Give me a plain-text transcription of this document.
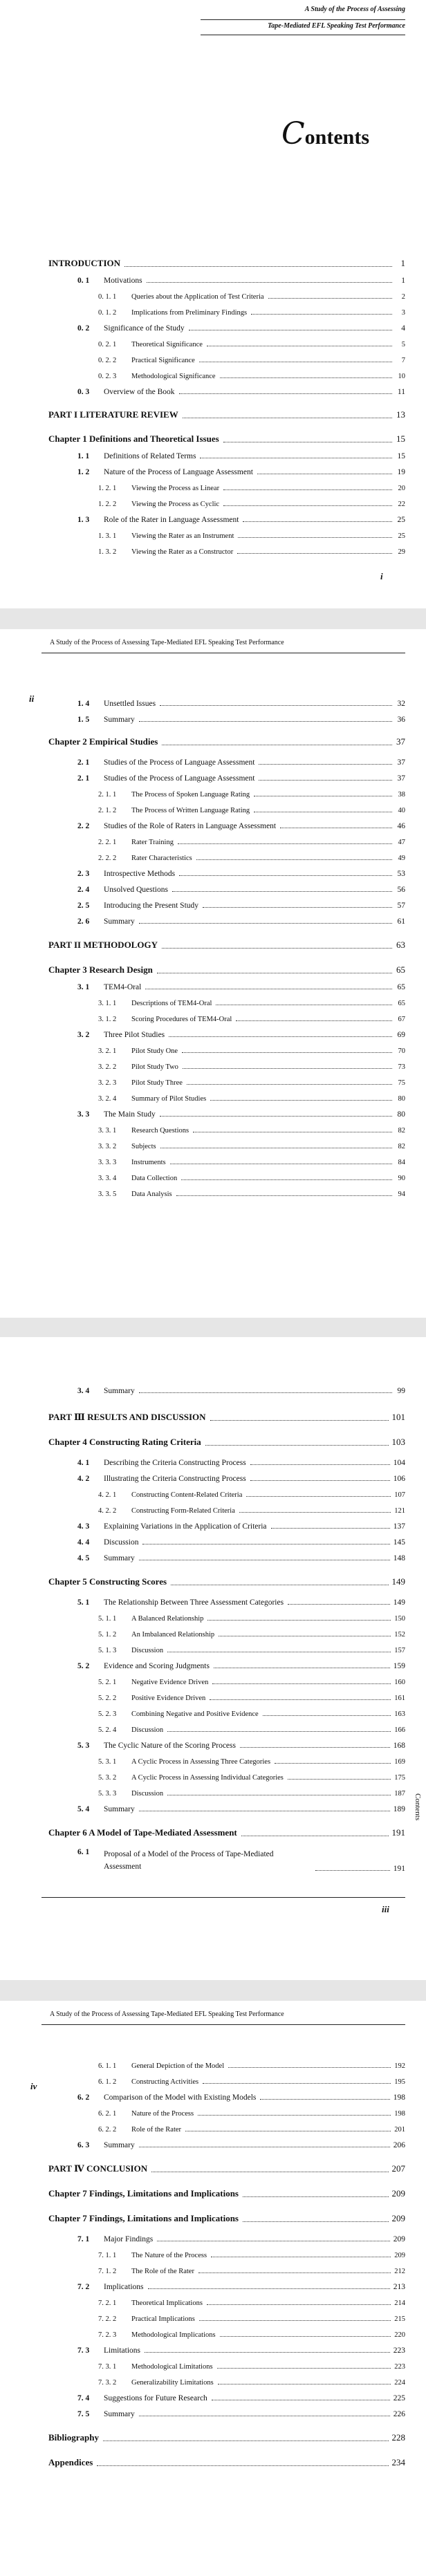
A Study of the Process of Assessing
Tape-Mediated EFL Speaking Test Performance
Contents
INTRODUCTION	1
0. 1	Motivations	1
0. 1. 1	Queries about the Application of Test Criteria	2
0. 1. 2	Implications from Preliminary Findings	3
0. 2	Significance of the Study	4
0. 2. 1	Theoretical Significance	5
0. 2. 2	Practical Significance	7
0. 2. 3	Methodological Significance	10
0. 3	Overview of the Book	11
PART I LITERATURE REVIEW	13
Chapter 1 Definitions and Theoretical Issues	15
1. 1	Definitions of Related Terms	15
1. 2	Nature of the Process of Language Assessment	19
1. 2. 1	Viewing the Process as Linear	20
1. 2. 2	Viewing the Process as Cyclic	22
1. 3	Role of the Rater in Language Assessment	25
1. 3. 1	Viewing the Rater as an Instrument	25
1. 3. 2	Viewing the Rater as a Constructor	29
i
A Study of the Process of Assessing Tape-Mediated EFL Speaking Test Performance
ii	1. 4	Unsettled Issues	32
1. 5	Summary	36
Chapter 2 Empirical Studies	37
2. 1	Studies of the Process of Language Assessment	37
2. 1	Studies of the Process of Language Assessment	37
2. 1. 1	The Process of Spoken Language Rating	38
2. 1. 2	The Process of Written Language Rating	40
2. 2	Studies of the Role of Raters in Language Assessment	46
2. 2. 1	Rater Training	47
2. 2. 2	Rater Characteristics	49
2. 3	Introspective Methods	53
2. 4	Unsolved Questions	56
2. 5	Introducing the Present Study	57
2. 6	Summary	61
PART II METHODOLOGY	63
Chapter 3 Research Design	65
3. 1	TEM4-Oral	65
3. 1. 1	Descriptions of TEM4-Oral	65
3. 1. 2	Scoring Procedures of TEM4-Oral	67
3. 2	Three Pilot Studies	69
3. 2. 1	Pilot Study One	70
3. 2. 2	Pilot Study Two	73
3. 2. 3	Pilot Study Three	75
3. 2. 4	Summary of Pilot Studies	80
3. 3	The Main Study	80
3. 3. 1	Research Questions	82
3. 3. 2	Subjects	82
3. 3. 3	Instruments	84
3. 3. 4	Data Collection	90
3. 3. 5	Data Analysis	94
3. 4	Summary	99
PART Ⅲ RESULTS AND DISCUSSION	101
Chapter 4 Constructing Rating Criteria	103
4. 1	Describing the Criteria Constructing Process	104
4. 2	Illustrating the Criteria Constructing Process	106
4. 2. 1	Constructing Content-Related Criteria	107
4. 2. 2	Constructing Form-Related Criteria	121
4. 3	Explaining Variations in the Application of Criteria	137
4. 4	Discussion	145
4. 5	Summary	148
Chapter 5 Constructing Scores	149
5. 1	The Relationship Between Three Assessment Categories	149
5. 1. 1	A Balanced Relationship	150
5. 1. 2	An Imbalanced Relationship	152
5. 1. 3	Discussion	157
5. 2	Evidence and Scoring Judgments	159
5. 2. 1	Negative Evidence Driven	160
5. 2. 2	Positive Evidence Driven	161
5. 2. 3	Combining Negative and Positive Evidence	163
5. 2. 4	Discussion	166
5. 3	The Cyclic Nature of the Scoring Process	168
5. 3. 1	A Cyclic Process in Assessing Three Categories	169
5. 3. 2	A Cyclic Process in Assessing Individual Categories	175
5. 3. 3	Discussion	187
5. 4	Summary	189
Chapter 6 A Model of Tape-Mediated Assessment	191
6. 1	Proposal of a Model of the Process of Tape-Mediated Assessment	191
iii
Contents
A Study of the Process of Assessing Tape-Mediated EFL Speaking Test Performance
iv
6. 1. 1	General Depiction of the Model	192
6. 1. 2	Constructing Activities	195
6. 2	Comparison of the Model with Existing Models	198
6. 2. 1	Nature of the Process	198
6. 2. 2	Role of the Rater	201
6. 3	Summary	206
PART Ⅳ CONCLUSION	207
Chapter 7 Findings, Limitations and Implications	209
Chapter 7 Findings, Limitations and Implications	209
7. 1	Major Findings	209
7. 1. 1	The Nature of the Process	209
7. 1. 2	The Role of the Rater	212
7. 2	Implications	213
7. 2. 1	Theoretical Implications	214
7. 2. 2	Practical Implications	215
7. 2. 3	Methodological Implications	220
7. 3	Limitations	223
7. 3. 1	Methodological Limitations	223
7. 3. 2	Generalizability Limitations	224
7. 4	Suggestions for Future Research	225
7. 5	Summary	226
Bibliography	228
Appendices	234
